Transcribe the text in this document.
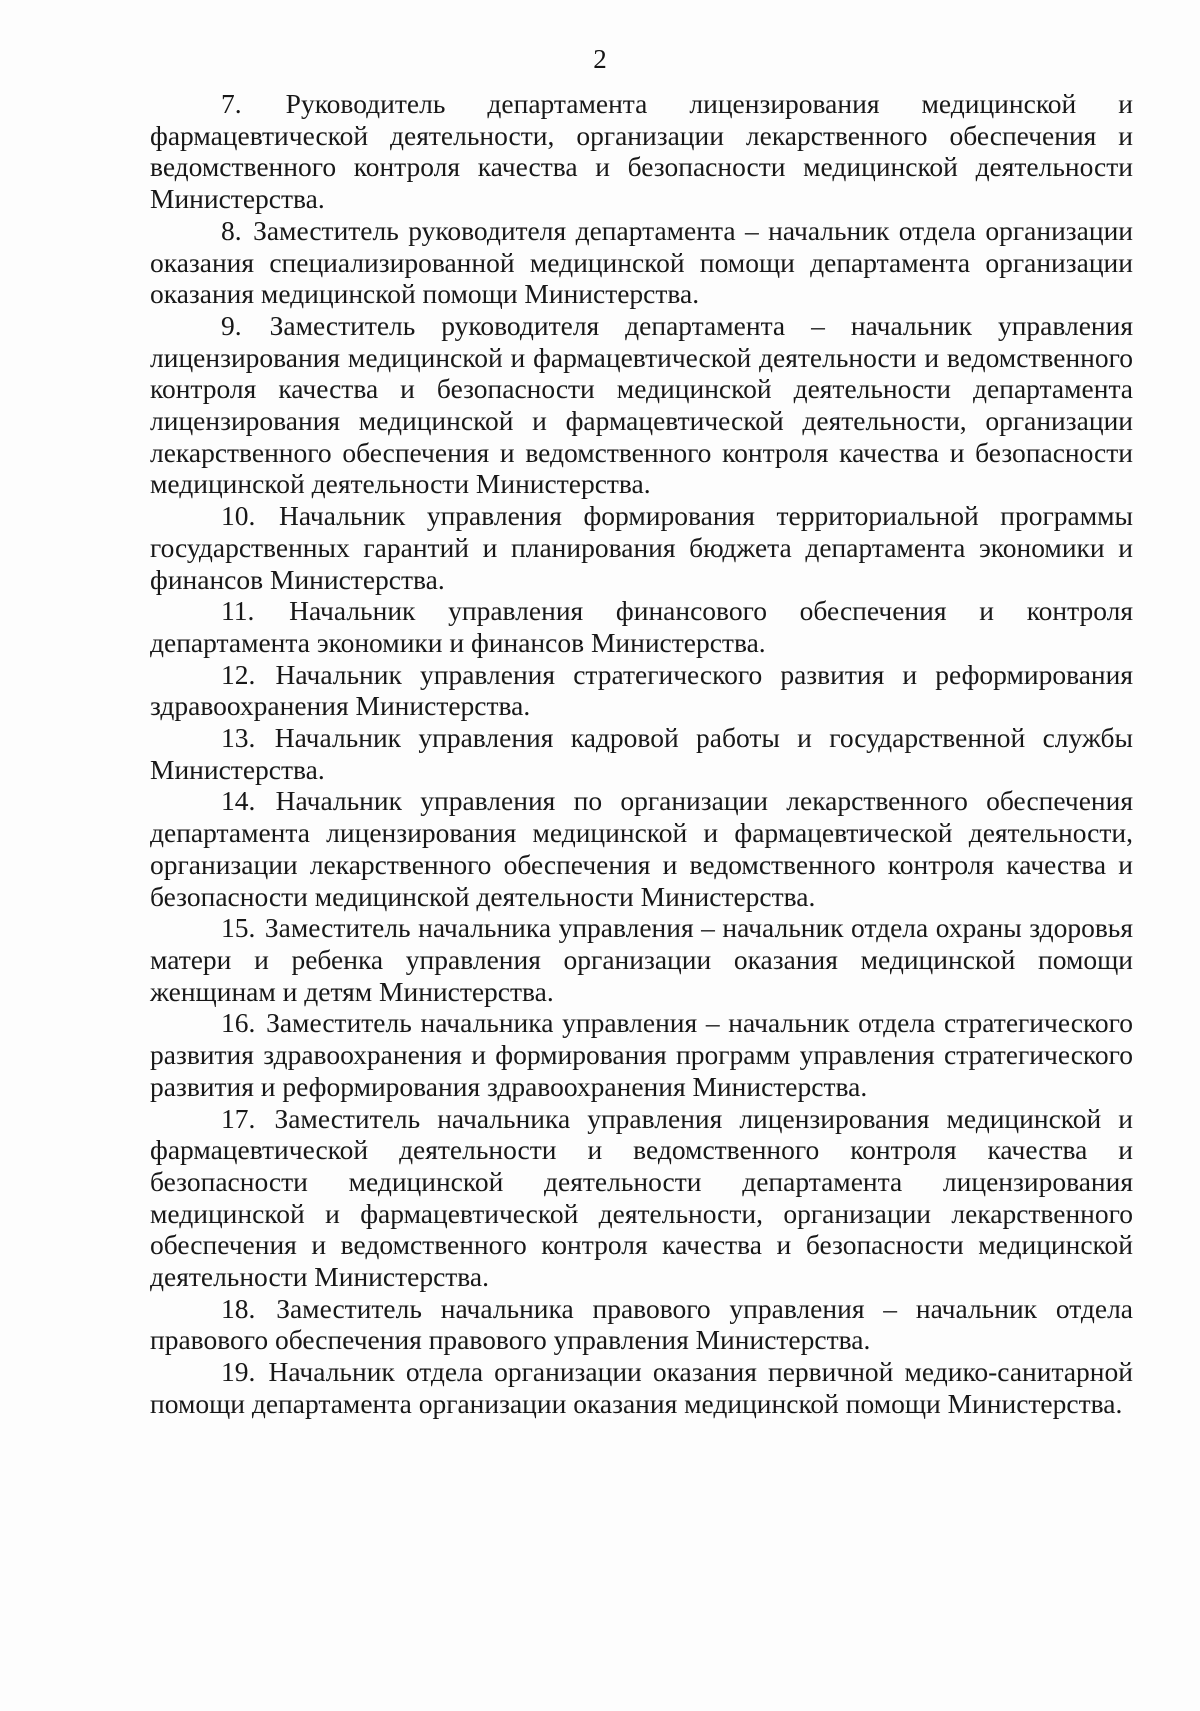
2

7. Руководитель департамента лицензирования медицинской и фармацевтической деятельности, организации лекарственного обеспечения и ведомственного контроля качества и безопасности медицинской деятельности Министерства.

8. Заместитель руководителя департамента – начальник отдела организации оказания специализированной медицинской помощи департамента организации оказания медицинской помощи Министерства.

9. Заместитель руководителя департамента – начальник управления лицензирования медицинской и фармацевтической деятельности и ведомственного контроля качества и безопасности медицинской деятельности департамента лицензирования медицинской и фармацевтической деятельности, организации лекарственного обеспечения и ведомственного контроля качества и безопасности медицинской деятельности Министерства.

10. Начальник управления формирования территориальной программы государственных гарантий и планирования бюджета департамента экономики и финансов Министерства.

11. Начальник управления финансового обеспечения и контроля департамента экономики и финансов Министерства.

12. Начальник управления стратегического развития и реформирования здравоохранения Министерства.

13. Начальник управления кадровой работы и государственной службы Министерства.

14. Начальник управления по организации лекарственного обеспечения департамента лицензирования медицинской и фармацевтической деятельности, организации лекарственного обеспечения и ведомственного контроля качества и безопасности медицинской деятельности Министерства.

15. Заместитель начальника управления – начальник отдела охраны здоровья матери и ребенка управления организации оказания медицинской помощи женщинам и детям Министерства.

16. Заместитель начальника управления – начальник отдела стратегического развития здравоохранения и формирования программ управления стратегического развития и реформирования здравоохранения Министерства.

17. Заместитель начальника управления лицензирования медицинской и фармацевтической деятельности и ведомственного контроля качества и безопасности медицинской деятельности департамента лицензирования медицинской и фармацевтической деятельности, организации лекарственного обеспечения и ведомственного контроля качества и безопасности медицинской деятельности Министерства.

18. Заместитель начальника правового управления – начальник отдела правового обеспечения правового управления Министерства.

19. Начальник отдела организации оказания первичной медико-санитарной помощи департамента организации оказания медицинской помощи Министерства.
